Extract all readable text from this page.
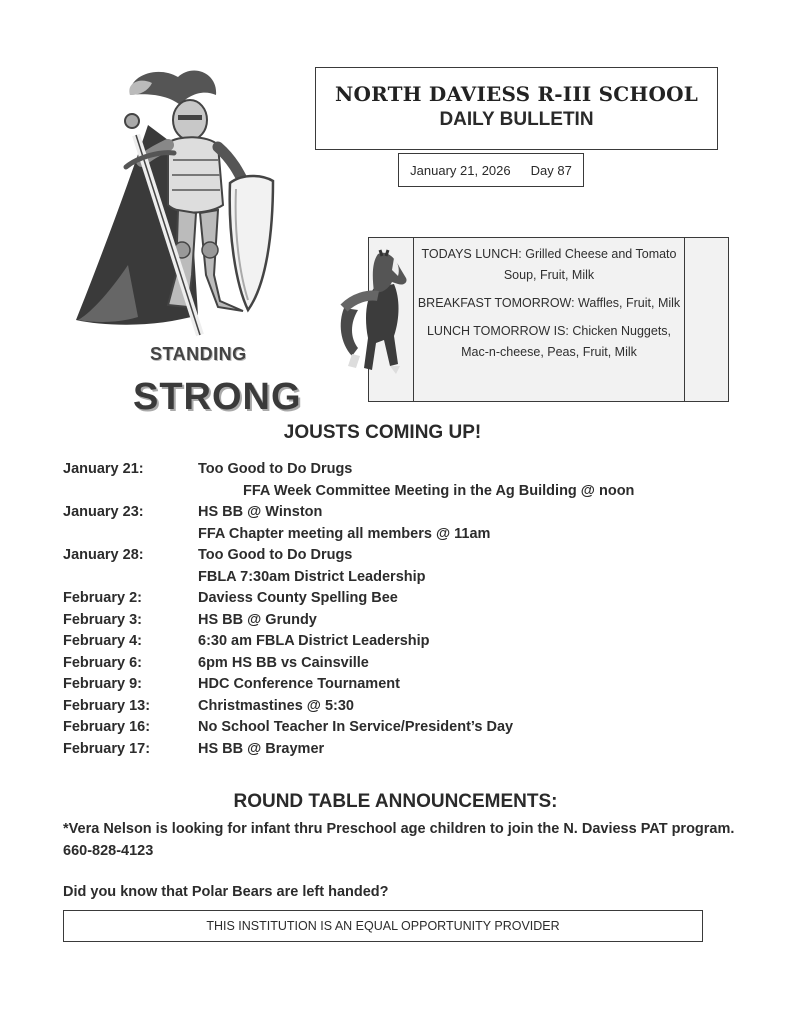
STANDING
STRONG
NORTH DAVIESS R-III SCHOOL
DAILY BULLETIN
January 21, 2026 Day 87

TODAYS LUNCH: Grilled Cheese and Tomato Soup, Fruit, Milk

BREAKFAST TOMORROW: Waffles, Fruit, Milk

LUNCH TOMORROW IS: Chicken Nuggets, Mac-n-cheese, Peas, Fruit, Milk

JOUSTS COMING UP!
January 21:	Too Good to Do Drugs
FFA Week Committee Meeting in the Ag Building @ noon
January 23:	HS BB @ Winston
FFA Chapter meeting all members @ 11am
January 28:	Too Good to Do Drugs
FBLA 7:30am District Leadership
February 2:	Daviess County Spelling Bee
February 3:	HS BB @ Grundy
February 4:	6:30 am FBLA District Leadership
February 6:	6pm HS BB vs Cainsville
February 9:	HDC Conference Tournament
February 13:	Christmastines @ 5:30
February 16:	No School Teacher In Service/President’s Day
February 17:	HS BB @ Braymer
ROUND TABLE ANNOUNCEMENTS:
*Vera Nelson is looking for infant thru Preschool age children to join the N. Daviess PAT program. 660-828-4123
Did you know that Polar Bears are left handed?
THIS INSTITUTION IS AN EQUAL OPPORTUNITY PROVIDER
